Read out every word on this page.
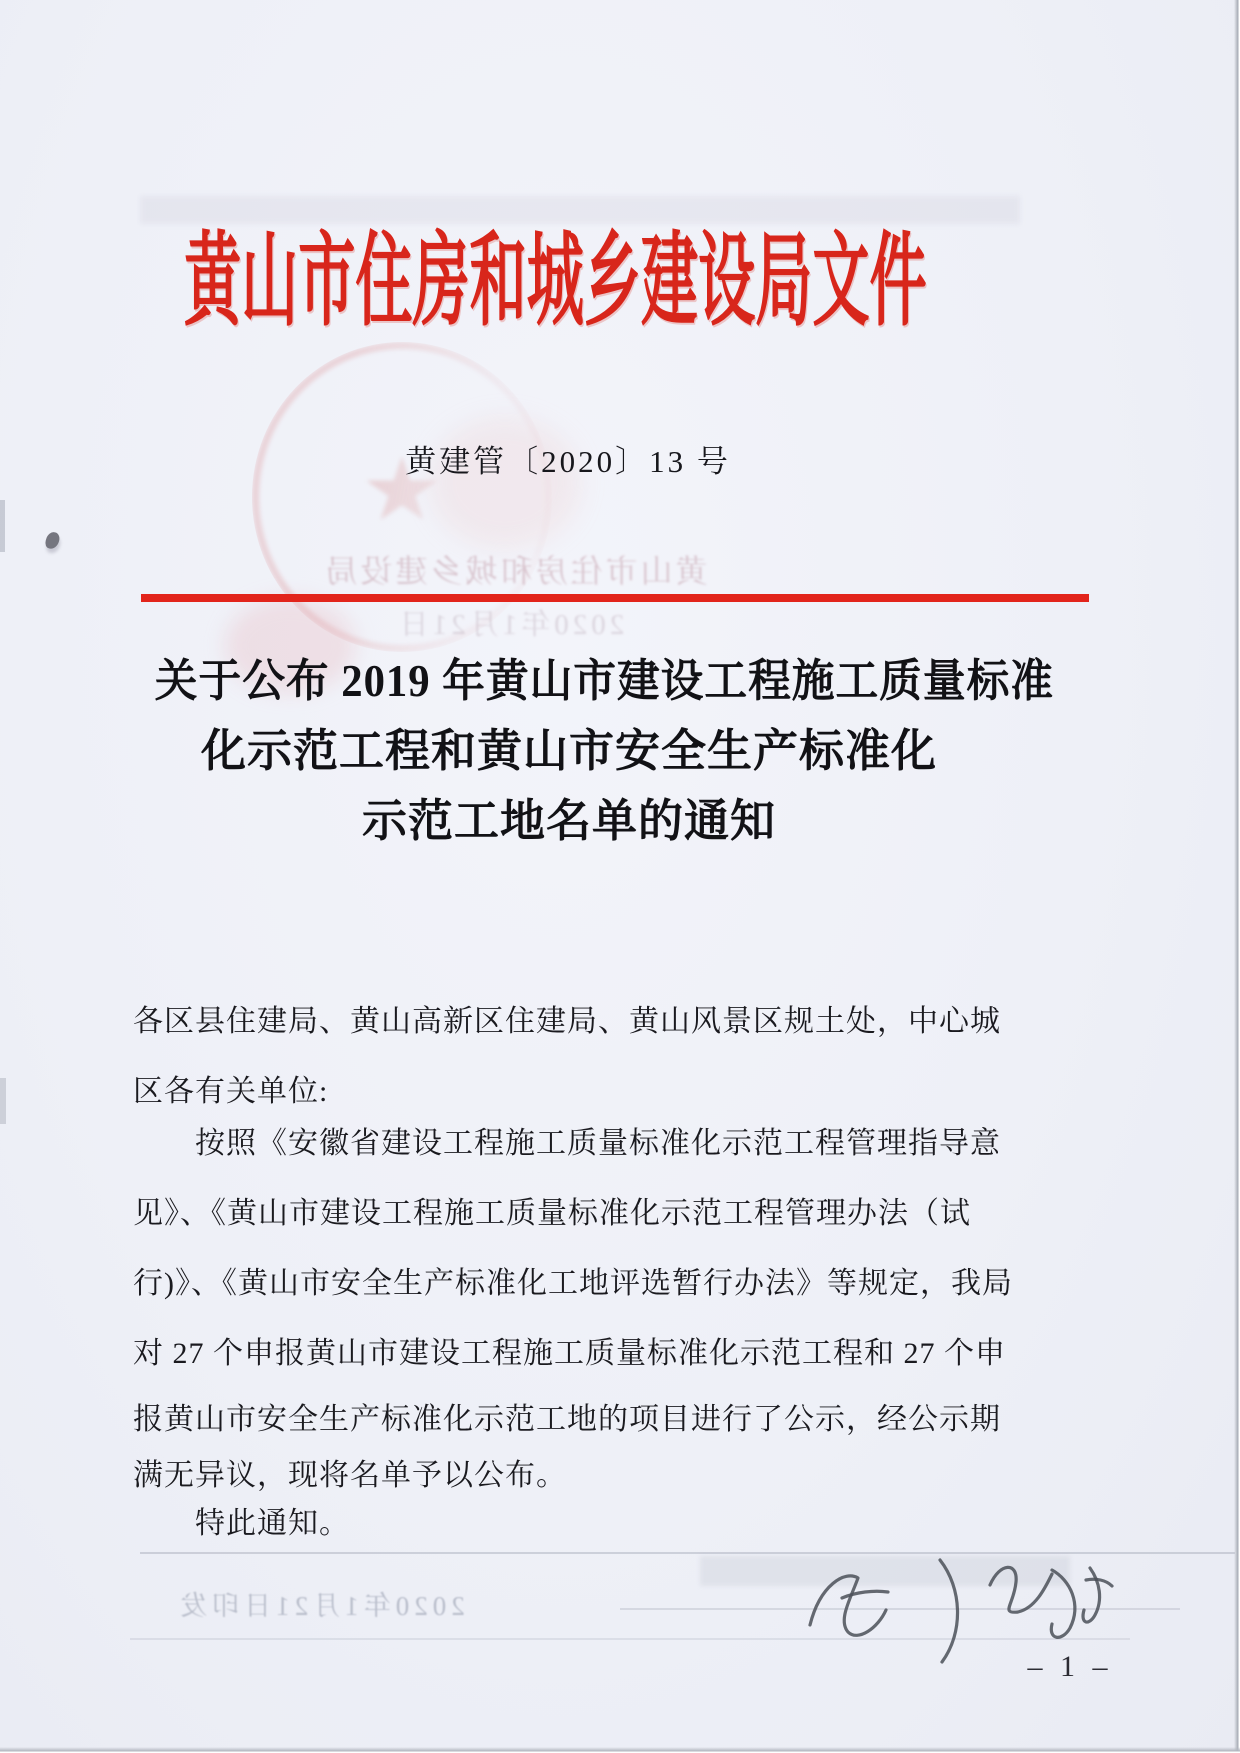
黄山市住房和城乡建设局
2020年1月21日
黄山市住房和城乡建设局文件
黄建管〔2020〕13 号
关于公布 2019 年黄山市建设工程施工质量标准
化示范工程和黄山市安全生产标准化
示范工地名单的通知
各区县住建局、黄山高新区住建局、黄山风景区规土处，中心城
区各有关单位:
按照《安徽省建设工程施工质量标准化示范工程管理指导意
见》、《黄山市建设工程施工质量标准化示范工程管理办法（试
行)》、《黄山市安全生产标准化工地评选暂行办法》等规定，我局
对 27 个申报黄山市建设工程施工质量标准化示范工程和 27 个申
报黄山市安全生产标准化示范工地的项目进行了公示，经公示期
满无异议，现将名单予以公布。
特此通知。
2020年1月21日印发
– 1 –
